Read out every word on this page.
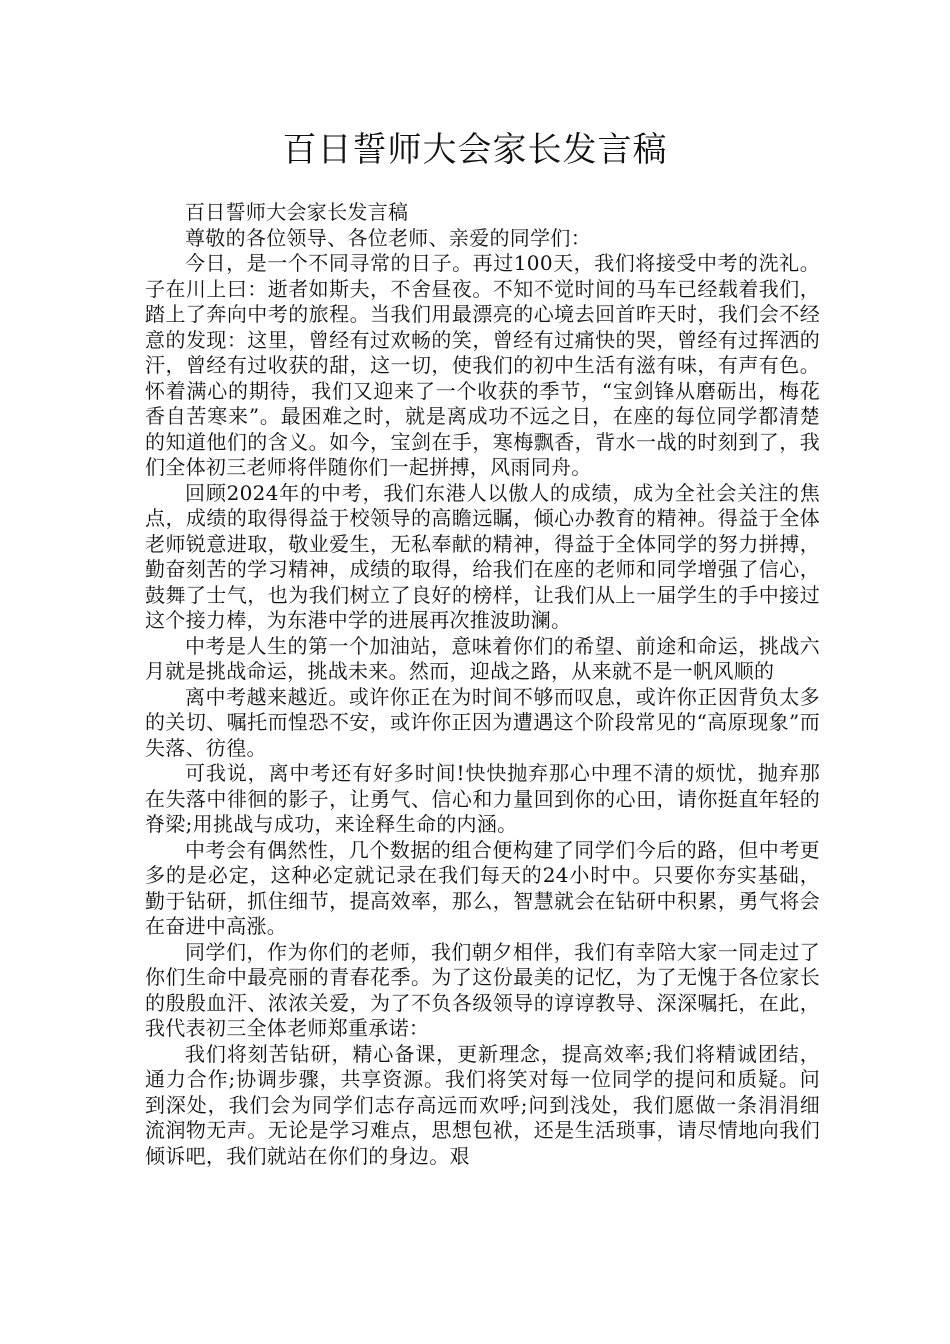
百日誓师大会家长发言稿

百日誓师大会家长发言稿

尊敬的各位领导、各位老师、亲爱的同学们：

今日，是一个不同寻常的日子。再过100天，我们将接受中考的洗礼。子在川上曰：逝者如斯夫，不舍昼夜。不知不觉时间的马车已经载着我们，踏上了奔向中考的旅程。当我们用最漂亮的心境去回首昨天时，我们会不经意的发现：这里，曾经有过欢畅的笑，曾经有过痛快的哭，曾经有过挥洒的汗，曾经有过收获的甜，这一切，使我们的初中生活有滋有味，有声有色。怀着满心的期待，我们又迎来了一个收获的季节，“宝剑锋从磨砺出，梅花香自苦寒来”。最困难之时，就是离成功不远之日，在座的每位同学都清楚的知道他们的含义。如今，宝剑在手，寒梅飘香，背水一战的时刻到了，我们全体初三老师将伴随你们一起拼搏，风雨同舟。

回顾2024年的中考，我们东港人以傲人的成绩，成为全社会关注的焦点，成绩的取得得益于校领导的高瞻远瞩，倾心办教育的精神。得益于全体老师锐意进取，敬业爱生，无私奉献的精神，得益于全体同学的努力拼搏，勤奋刻苦的学习精神，成绩的取得，给我们在座的老师和同学增强了信心，鼓舞了士气，也为我们树立了良好的榜样，让我们从上一届学生的手中接过这个接力棒，为东港中学的进展再次推波助澜。

中考是人生的第一个加油站，意味着你们的希望、前途和命运，挑战六月就是挑战命运，挑战未来。然而，迎战之路，从来就不是一帆风顺的

离中考越来越近。或许你正在为时间不够而叹息，或许你正因背负太多的关切、嘱托而惶恐不安，或许你正因为遭遇这个阶段常见的“高原现象”而失落、彷徨。

可我说，离中考还有好多时间!快快抛弃那心中理不清的烦忧，抛弃那在失落中徘徊的影子，让勇气、信心和力量回到你的心田，请你挺直年轻的脊梁;用挑战与成功，来诠释生命的内涵。

中考会有偶然性，几个数据的组合便构建了同学们今后的路，但中考更多的是必定，这种必定就记录在我们每天的24小时中。只要你夯实基础，勤于钻研，抓住细节，提高效率，那么，智慧就会在钻研中积累，勇气将会在奋进中高涨。

同学们，作为你们的老师，我们朝夕相伴，我们有幸陪大家一同走过了你们生命中最亮丽的青春花季。为了这份最美的记忆，为了无愧于各位家长的殷殷血汗、浓浓关爱，为了不负各级领导的谆谆教导、深深嘱托，在此，我代表初三全体老师郑重承诺：

我们将刻苦钻研，精心备课，更新理念，提高效率;我们将精诚团结，通力合作;协调步骤，共享资源。我们将笑对每一位同学的提问和质疑。问到深处，我们会为同学们志存高远而欢呼;问到浅处，我们愿做一条涓涓细流润物无声。无论是学习难点，思想包袱，还是生活琐事，请尽情地向我们倾诉吧，我们就站在你们的身边。艰
